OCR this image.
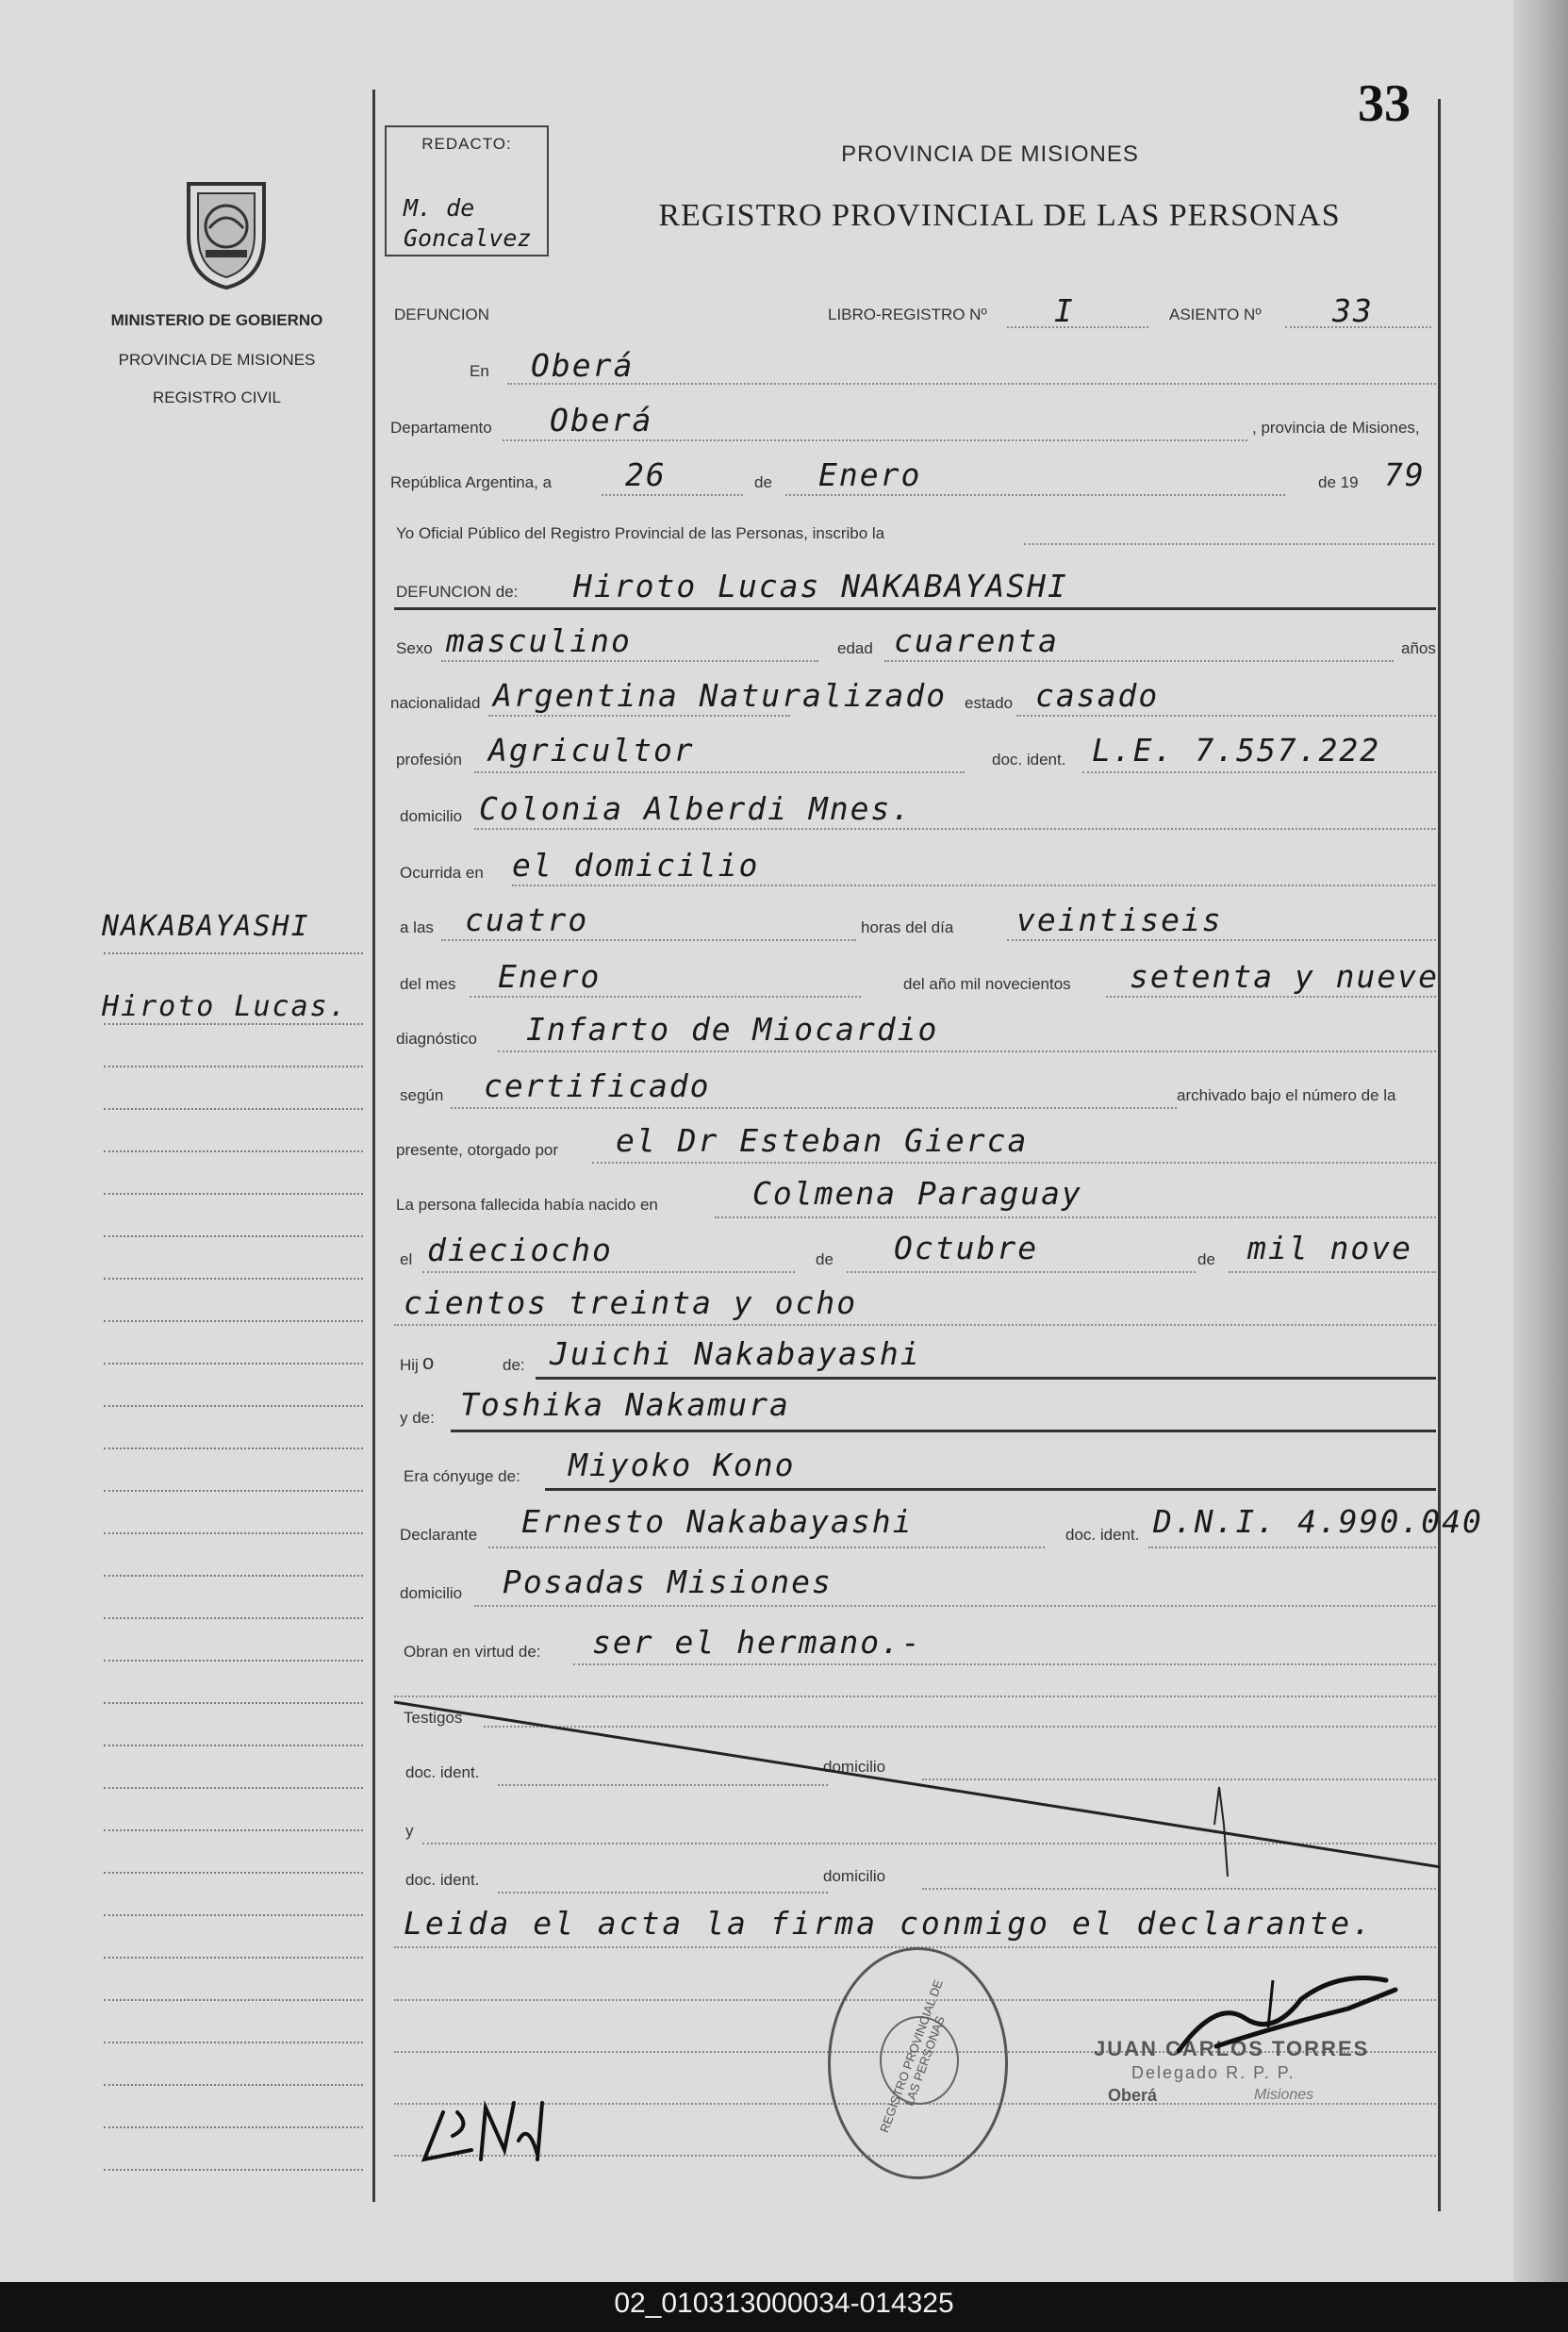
02_010313000034-014325
33
REDACTO:
M. de
Goncalvez
PROVINCIA DE MISIONES
REGISTRO PROVINCIAL DE LAS PERSONAS
MINISTERIO DE GOBIERNO
PROVINCIA DE MISIONES
REGISTRO CIVIL
NAKABAYASHI
Hiroto Lucas.
DEFUNCION	LIBRO-REGISTRO Nº I	ASIENTO Nº 33
En Oberá
Departamento Oberá	, provincia de Misiones,
República Argentina, a 26	de Enero	de 19 79
Yo Oficial Público del Registro Provincial de las Personas, inscribo la
DEFUNCION de: Hiroto Lucas NAKABAYASHI
Sexo masculino	edad cuarenta	años
nacionalidad Argentina Naturalizado estado casado
profesión Agricultor	doc. ident. L.E. 7.557.222
domicilio Colonia Alberdi Mnes.
Ocurrida en el domicilio
a las cuatro	horas del día veintiseis
del mes Enero	del año mil novecientos setenta y nueve
diagnóstico Infarto de Miocardio
según certificado	archivado bajo el número de la
presente, otorgado por el Dr Esteban Gierca
La persona fallecida había nacido en	Colmena Paraguay
el dieciocho	de Octubre	de mil nove
cientos treinta y ocho
Hij o	de: Juichi Nakabayashi
y de: Toshika Nakamura
Era cónyuge de: Miyoko Kono
Declarante Ernesto Nakabayashi	doc. ident. D.N.I. 4.990.040
domicilio Posadas Misiones
Obran en virtud de: ser el hermano.-
Testigos
doc. ident.	domicilio
y
doc. ident.	domicilio
Leida el acta la firma conmigo el declarante.
REGISTRO PROVINCIAL DE LAS PERSONAS	JUAN CARLOS TORRES
Delegado R. P. P.
Oberá	Misiones
